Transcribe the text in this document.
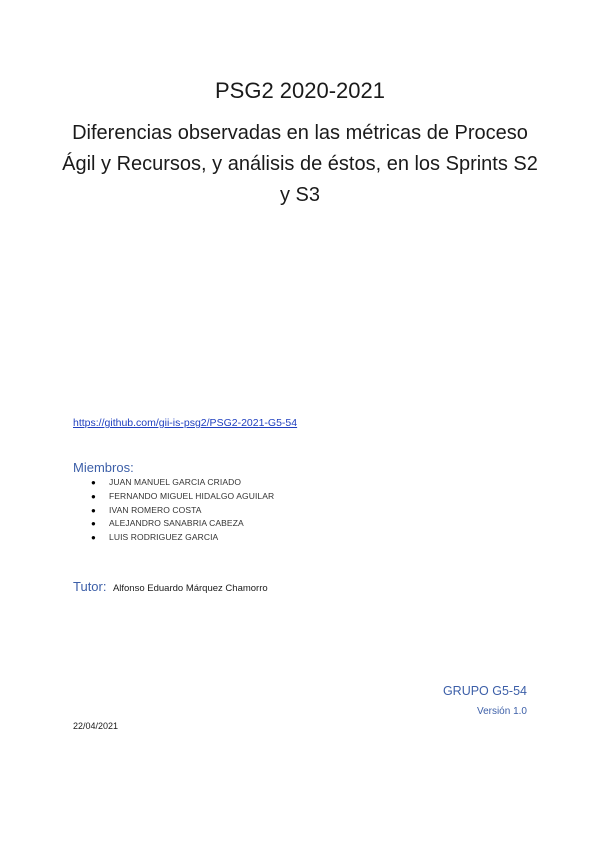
PSG2 2020-2021
Diferencias observadas en las métricas de Proceso Ágil y Recursos, y análisis de éstos, en los Sprints S2 y S3
https://github.com/gii-is-psg2/PSG2-2021-G5-54
Miembros:
● JUAN MANUEL GARCIA CRIADO
● FERNANDO MIGUEL HIDALGO AGUILAR
● IVAN ROMERO COSTA
● ALEJANDRO SANABRIA CABEZA
● LUIS RODRIGUEZ GARCIA
Tutor: Alfonso Eduardo Márquez Chamorro
GRUPO G5-54
Versión 1.0
22/04/2021
